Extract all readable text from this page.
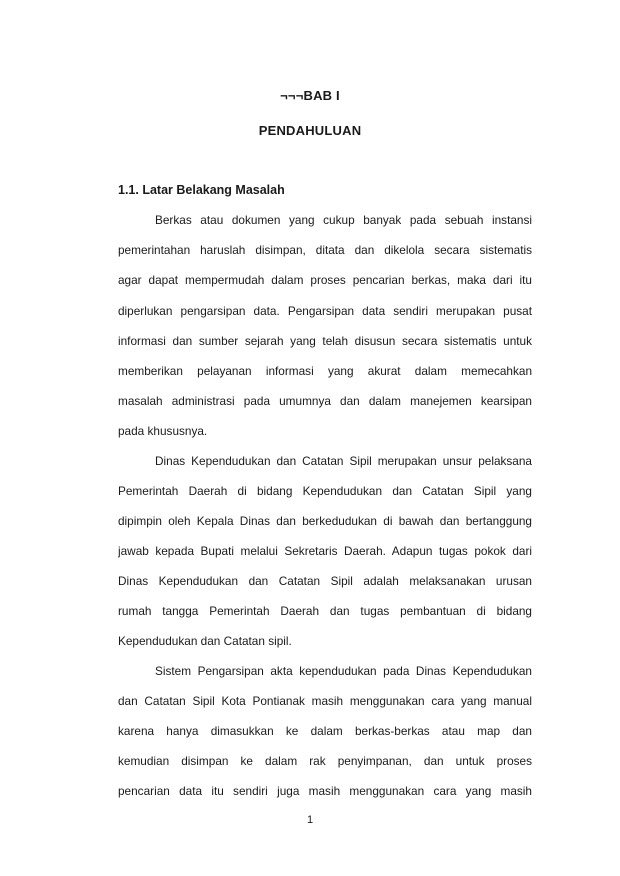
¬¬¬BAB I
PENDAHULUAN
1.1. Latar Belakang Masalah
Berkas atau dokumen yang cukup banyak pada sebuah instansi
pemerintahan haruslah disimpan, ditata dan dikelola secara sistematis
agar dapat mempermudah dalam proses pencarian berkas, maka dari itu
diperlukan pengarsipan data. Pengarsipan data sendiri merupakan pusat
informasi dan sumber sejarah yang telah disusun secara sistematis untuk
memberikan pelayanan informasi yang akurat dalam memecahkan
masalah administrasi pada umumnya dan dalam manejemen kearsipan
pada khususnya.
Dinas Kependudukan dan Catatan Sipil merupakan unsur pelaksana
Pemerintah Daerah di bidang Kependudukan dan Catatan Sipil yang
dipimpin oleh Kepala Dinas dan berkedudukan di bawah dan bertanggung
jawab kepada Bupati melalui Sekretaris Daerah. Adapun tugas pokok dari
Dinas Kependudukan dan Catatan Sipil adalah melaksanakan urusan
rumah tangga Pemerintah Daerah dan tugas pembantuan di bidang
Kependudukan dan Catatan sipil.
Sistem Pengarsipan akta kependudukan pada Dinas Kependudukan
dan Catatan Sipil Kota Pontianak masih menggunakan cara yang manual
karena hanya dimasukkan ke dalam berkas-berkas atau map dan
kemudian disimpan ke dalam rak penyimpanan, dan untuk proses
pencarian data itu sendiri juga masih menggunakan cara yang masih
1
